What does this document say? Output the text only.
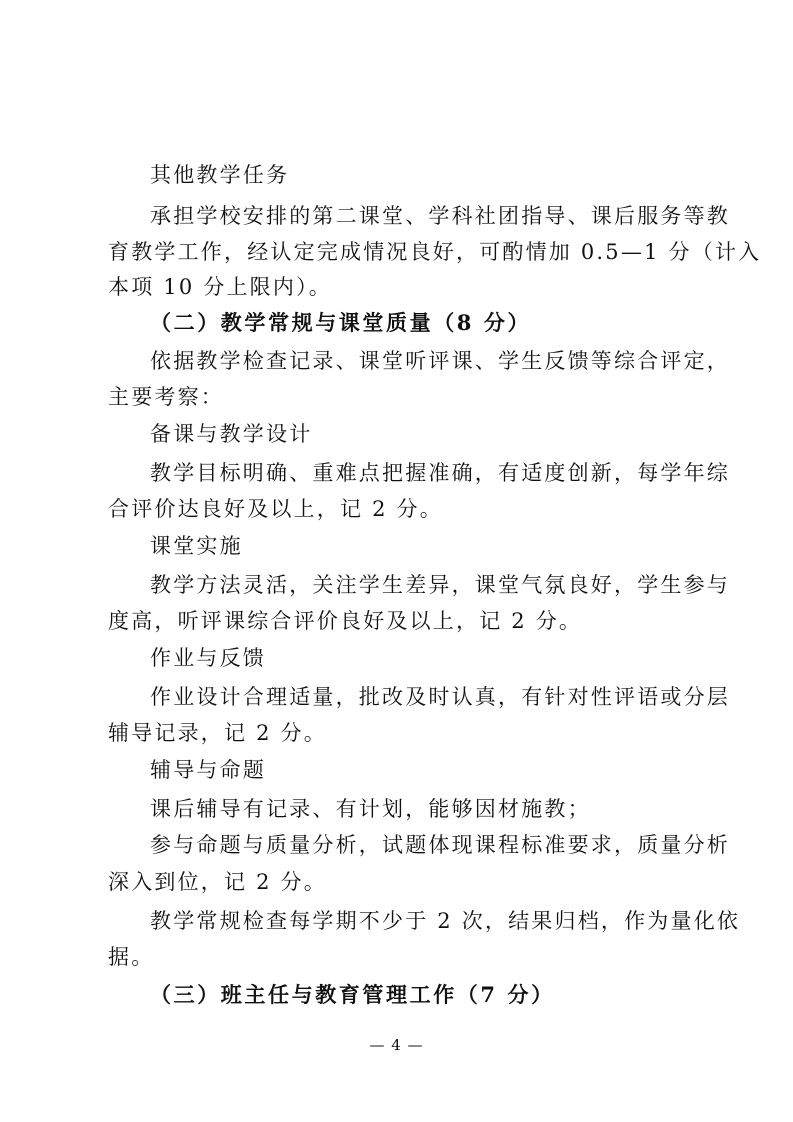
其他教学任务
承担学校安排的第二课堂、学科社团指导、课后服务等教
育教学工作，经认定完成情况良好，可酌情加 0.5—1 分（计入
本项 10 分上限内）。
（二）教学常规与课堂质量（8 分）
依据教学检查记录、课堂听评课、学生反馈等综合评定，
主要考察：
备课与教学设计
教学目标明确、重难点把握准确，有适度创新，每学年综
合评价达良好及以上，记 2 分。
课堂实施
教学方法灵活，关注学生差异，课堂气氛良好，学生参与
度高，听评课综合评价良好及以上，记 2 分。
作业与反馈
作业设计合理适量，批改及时认真，有针对性评语或分层
辅导记录，记 2 分。
辅导与命题
课后辅导有记录、有计划，能够因材施教；
参与命题与质量分析，试题体现课程标准要求，质量分析
深入到位，记 2 分。
教学常规检查每学期不少于 2 次，结果归档，作为量化依
据。
（三）班主任与教育管理工作（7 分）
— 4 —
